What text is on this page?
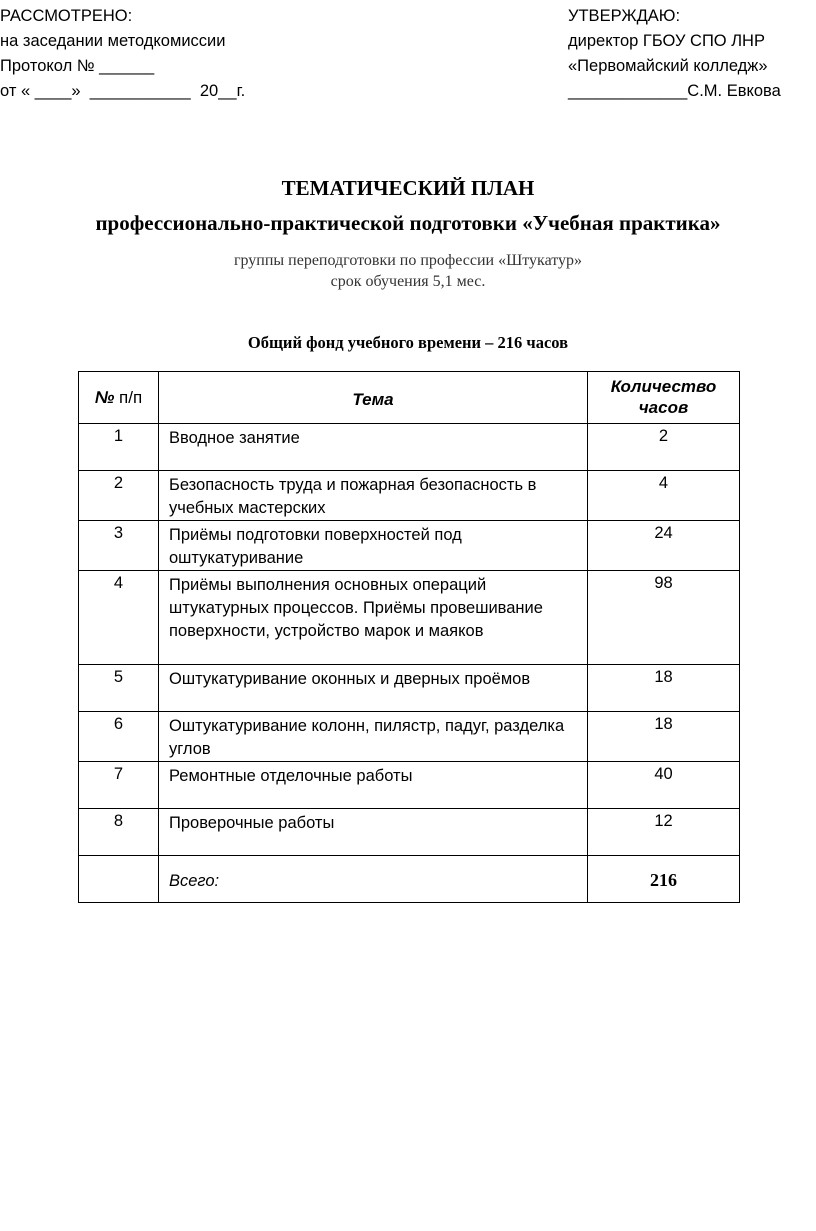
РАССМОТРЕНО:
на заседании методкомиссии
Протокол № ______
от « ____»  ___________  20__г.
УТВЕРЖДАЮ:
директор ГБОУ СПО ЛНР
«Первомайский колледж»
_____________С.М. Евкова
ТЕМАТИЧЕСКИЙ ПЛАН
профессионально-практической подготовки «Учебная практика»
группы переподготовки по профессии «Штукатур»
срок обучения 5,1 мес.
Общий фонд учебного времени – 216 часов
№ п/п	Тема	Количество часов
1	Вводное занятие	2
2	Безопасность труда и пожарная безопасность в учебных мастерских	4
3	Приёмы подготовки поверхностей под оштукатуривание	24
4	Приёмы выполнения основных операций штукатурных процессов. Приёмы провешивание поверхности, устройство марок и маяков	98
5	Оштукатуривание оконных и дверных проёмов	18
6	Оштукатуривание колонн, пилястр, падуг, разделка углов	18
7	Ремонтные отделочные работы	40
8	Проверочные работы	12
	Всего:	216
